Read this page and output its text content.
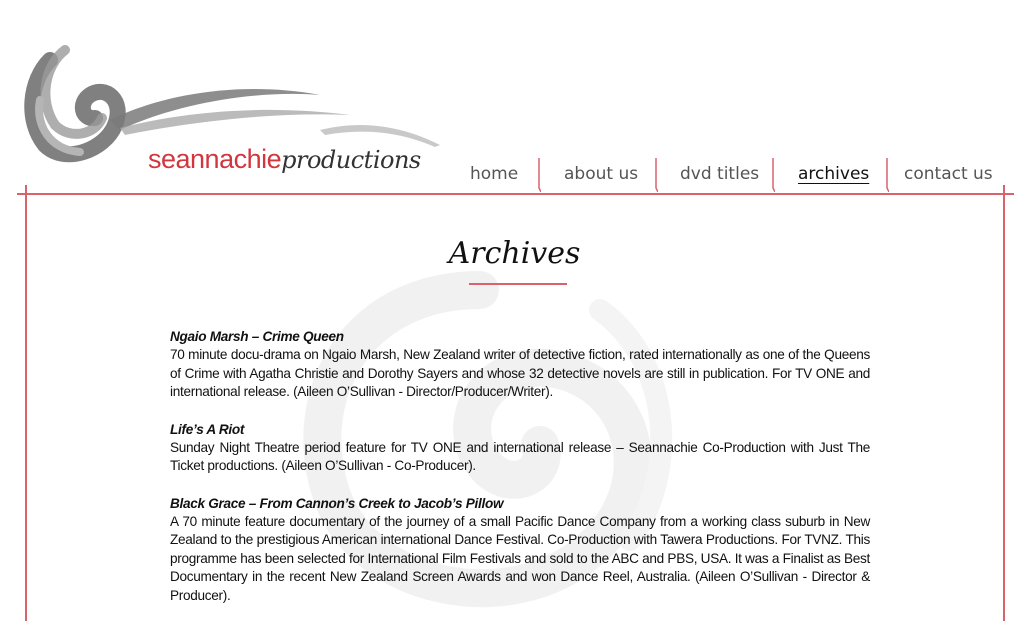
seannachieproductions	home	about us dvd titles archives contact us
Archives
Ngaio Marsh – Crime Queen
70 minute docu-drama on Ngaio Marsh, New Zealand writer of detective fiction, rated internationally as one of the Queens of Crime with Agatha Christie and Dorothy Sayers and whose 32 detective novels are still in publication. For TV ONE and international release. (Aileen O’Sullivan - Director/Producer/Writer).
Life’s A Riot
Sunday Night Theatre period feature for TV ONE and international release – Seannachie Co-Production with Just The Ticket productions. (Aileen O’Sullivan - Co-Producer).
Black Grace – From Cannon’s Creek to Jacob’s Pillow
A 70 minute feature documentary of the journey of a small Pacific Dance Company from a working class suburb in New Zealand to the prestigious American international Dance Festival. Co-Production with Tawera Productions. For TVNZ. This programme has been selected for International Film Festivals and sold to the ABC and PBS, USA. It was a Finalist as Best Documentary in the recent New Zealand Screen Awards and won Dance Reel, Australia. (Aileen O’Sullivan - Director & Producer).
